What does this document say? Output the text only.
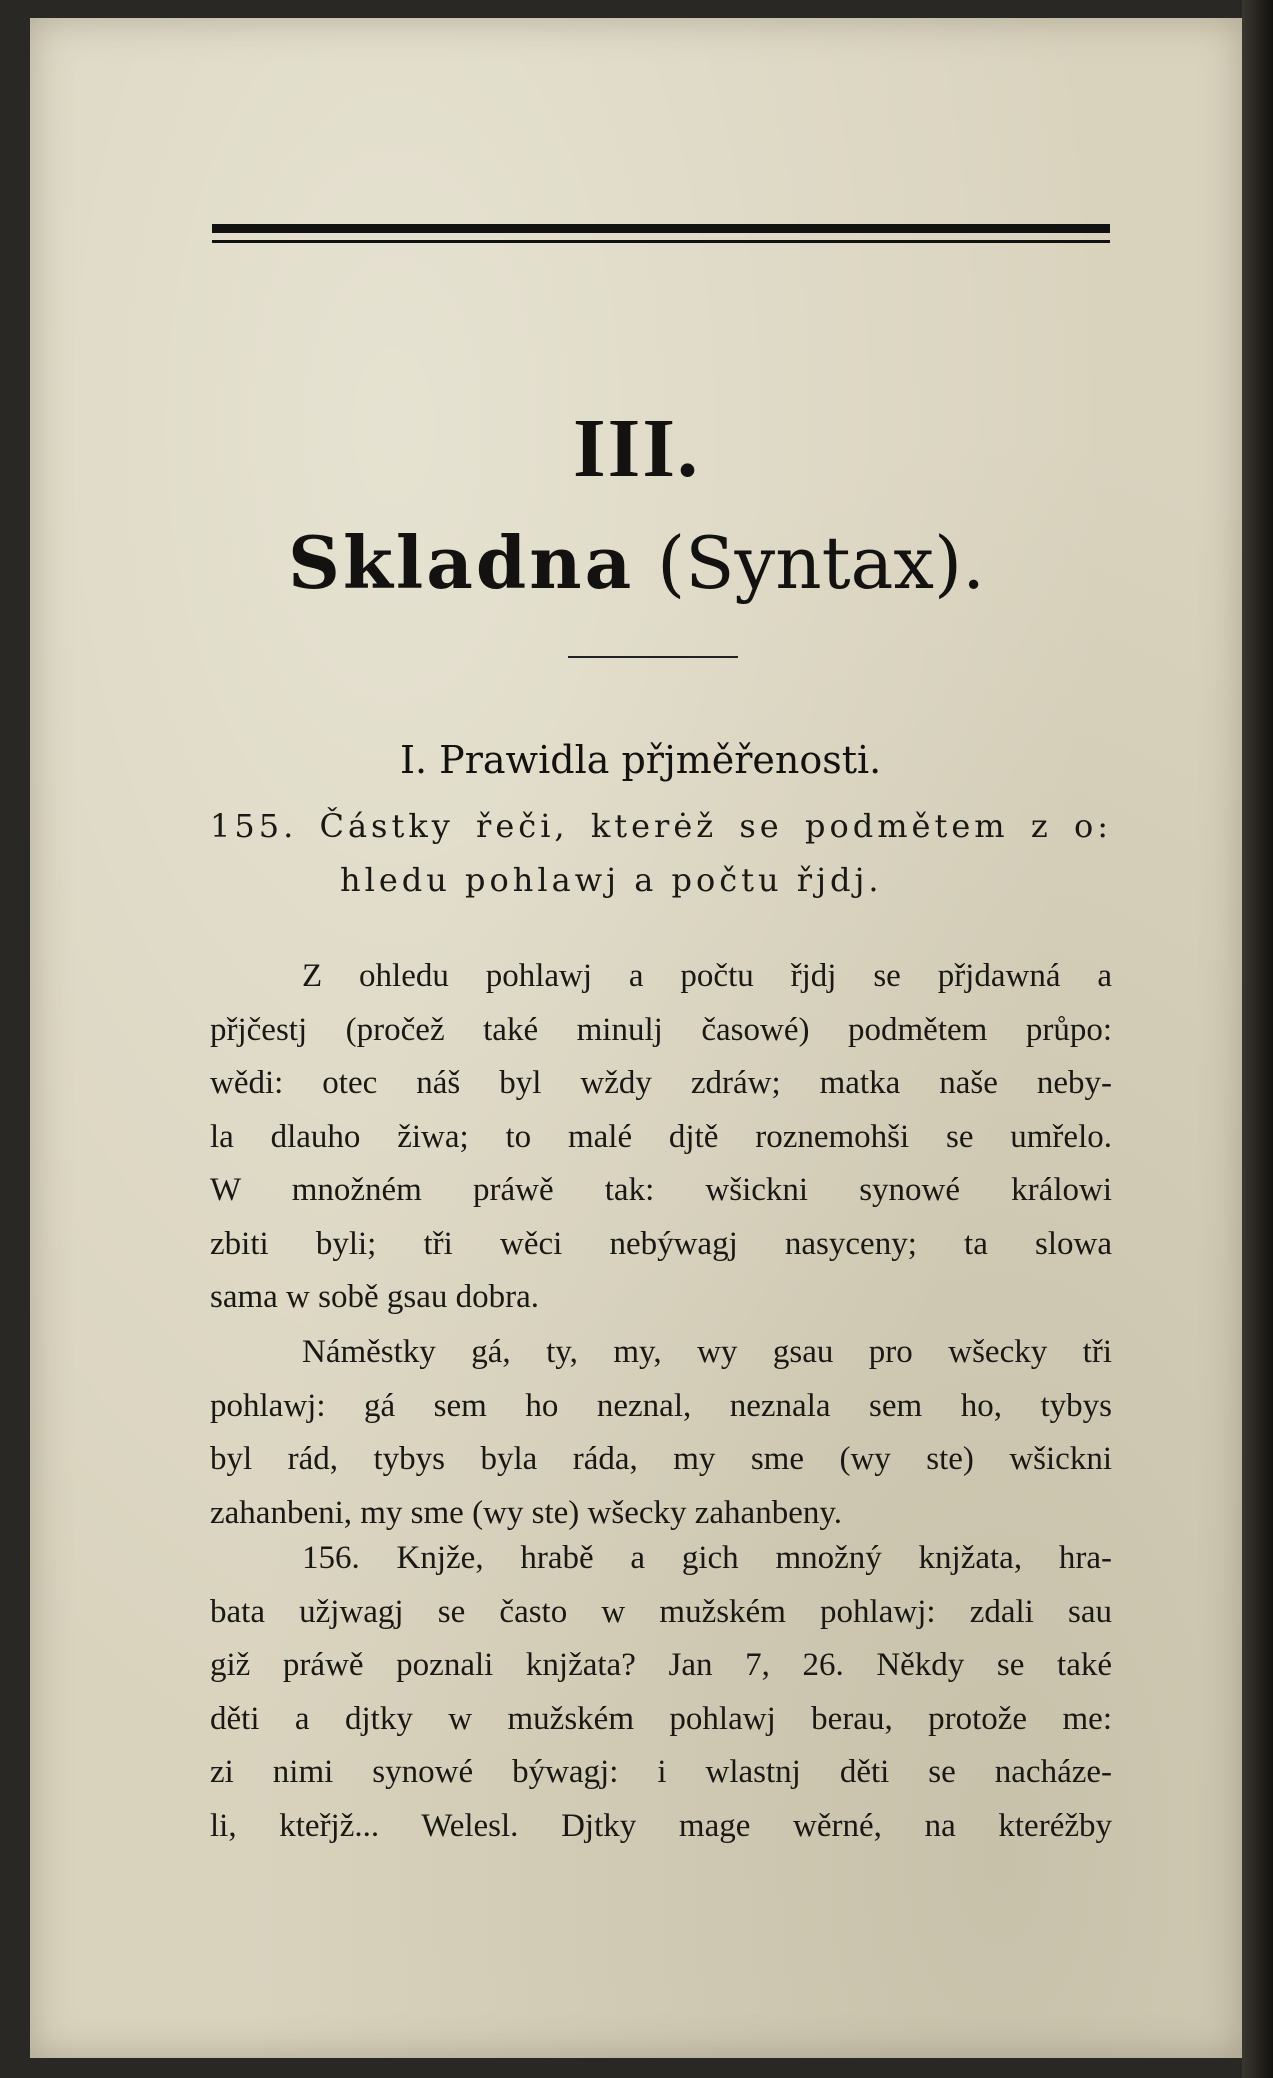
III.
Skladna (Syntax).
I. Prawidla přjměřenosti.
155. Částky řeči, kterėž se podmětem z o:
hledu pohlawj a počtu řjdj.
Z ohledu pohlawj a počtu řjdj se přjdawná a
přjčestj (pročež také minulj časowé) podmětem průpo:
wědi: otec náš byl wždy zdráw; matka naše neby-
la dlauho žiwa; to malé djtě roznemohši se umřelo.
W množném práwě tak: wšickni synowé králowi
zbiti byli; tři wěci nebýwagj nasyceny; ta slowa
sama w sobě gsau dobra.
Náměstky gá, ty, my, wy gsau pro wšecky tři
pohlawj: gá sem ho neznal, neznala sem ho, tybys
byl rád, tybys byla ráda, my sme (wy ste) wšickni
zahanbeni, my sme (wy ste) wšecky zahanbeny.
156. Knjže, hrabě a gich množný knjžata, hra-
bata užjwagj se často w mužském pohlawj: zdali sau
giž práwě poznali knjžata? Jan 7, 26. Někdy se také
děti a djtky w mužském pohlawj berau, protože me:
zi nimi synowé býwagj: i wlastnj děti se nacháze-
li, kteřjž... Welesl. Djtky mage wěrné, na kteréžby
